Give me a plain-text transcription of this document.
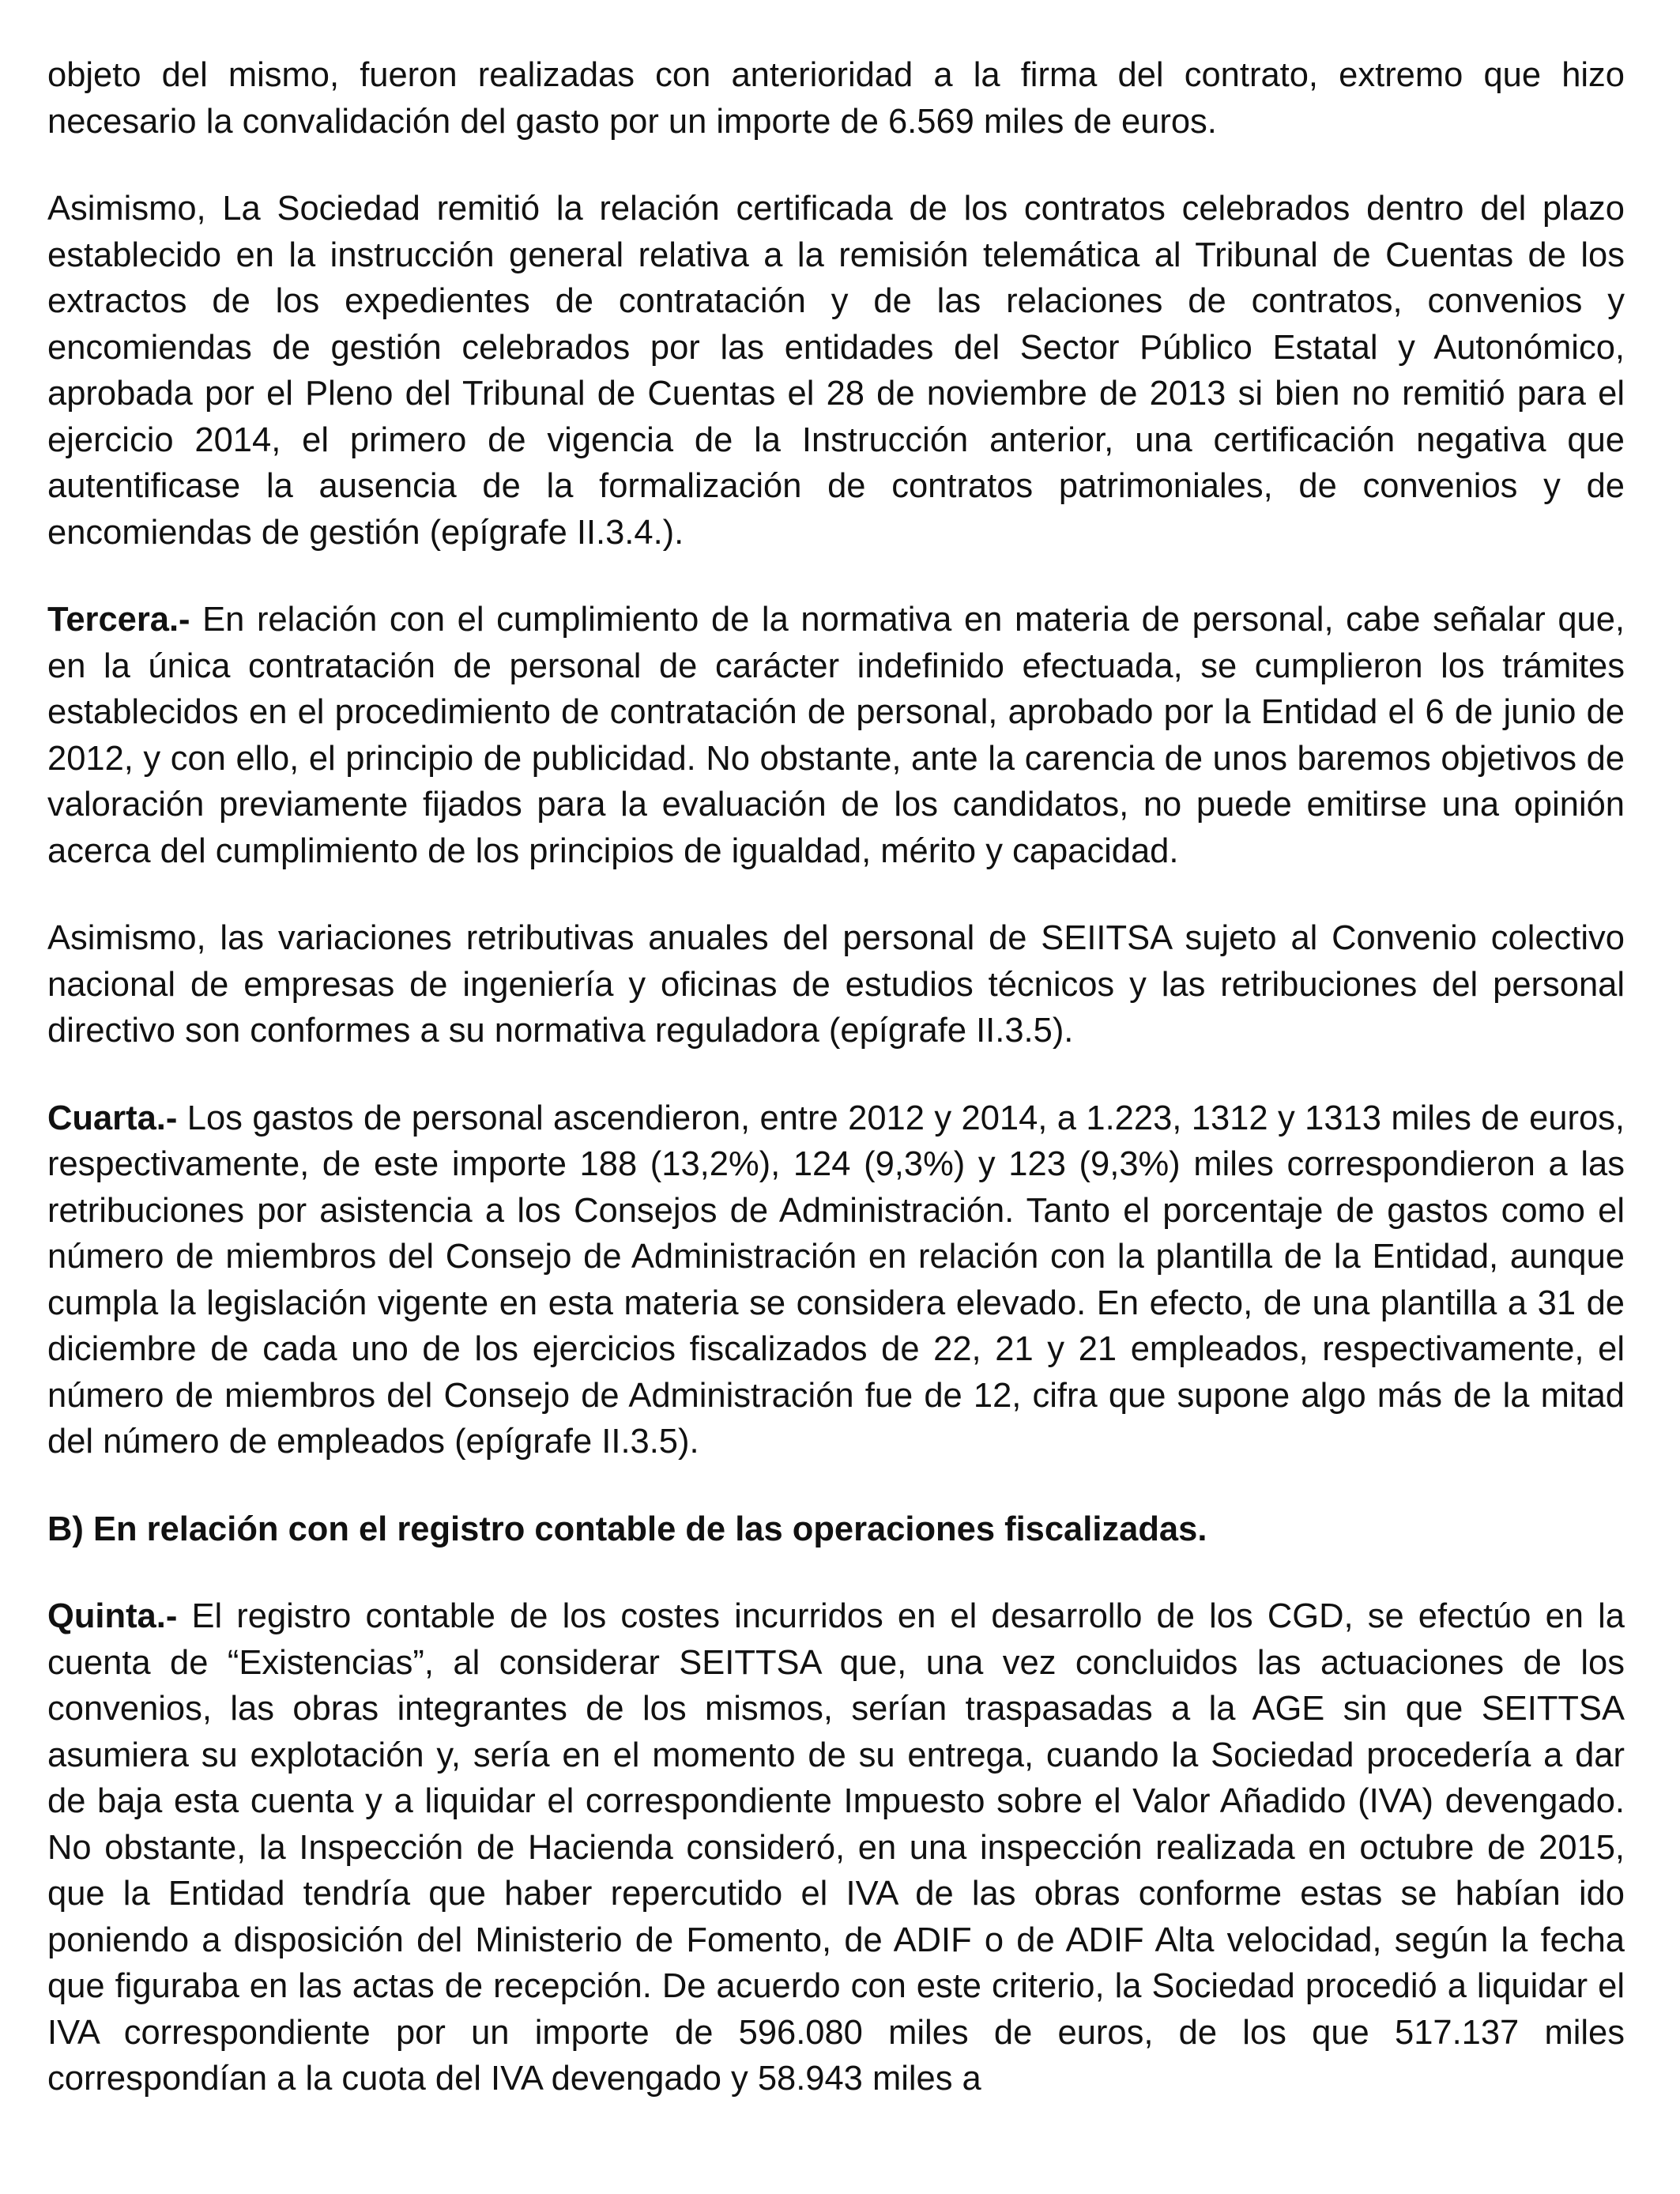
objeto del mismo, fueron realizadas con anterioridad a la firma del contrato, extremo que hizo necesario la convalidación del gasto por un importe de 6.569 miles de euros.

Asimismo, La Sociedad remitió la relación certificada de los contratos celebrados dentro del plazo establecido en la instrucción general relativa a la remisión telemática al Tribunal de Cuentas de los extractos de los expedientes de contratación y de las relaciones de contratos, convenios y encomiendas de gestión celebrados por las entidades del Sector Público Estatal y Autonómico, aprobada por el Pleno del Tribunal de Cuentas el 28 de noviembre de 2013 si bien no remitió para el ejercicio 2014, el primero de vigencia de la Instrucción anterior, una certificación negativa que autentificase la ausencia de la formalización de contratos patrimoniales, de convenios y de encomiendas de gestión (epígrafe II.3.4.).

Tercera.- En relación con el cumplimiento de la normativa en materia de personal, cabe señalar que, en la única contratación de personal de carácter indefinido efectuada, se cumplieron los trámites establecidos en el procedimiento de contratación de personal, aprobado por la Entidad el 6 de junio de 2012, y con ello, el principio de publicidad. No obstante, ante la carencia de unos baremos objetivos de valoración previamente fijados para la evaluación de los candidatos, no puede emitirse una opinión acerca del cumplimiento de los principios de igualdad, mérito y capacidad.

Asimismo, las variaciones retributivas anuales del personal de SEIITSA sujeto al Convenio colectivo nacional de empresas de ingeniería y oficinas de estudios técnicos y las retribuciones del personal directivo son conformes a su normativa reguladora (epígrafe II.3.5).

Cuarta.- Los gastos de personal ascendieron, entre 2012 y 2014, a 1.223, 1312 y 1313 miles de euros, respectivamente, de este importe 188 (13,2%), 124 (9,3%) y 123 (9,3%) miles correspondieron a las retribuciones por asistencia a los Consejos de Administración. Tanto el porcentaje de gastos como el número de miembros del Consejo de Administración en relación con la plantilla de la Entidad, aunque cumpla la legislación vigente en esta materia se considera elevado. En efecto, de una plantilla a 31 de diciembre de cada uno de los ejercicios fiscalizados de 22, 21 y 21 empleados, respectivamente, el número de miembros del Consejo de Administración fue de 12, cifra que supone algo más de la mitad del número de empleados (epígrafe II.3.5).

B) En relación con el registro contable de las operaciones fiscalizadas.

Quinta.- El registro contable de los costes incurridos en el desarrollo de los CGD, se efectúo en la cuenta de “Existencias”, al considerar SEITTSA que, una vez concluidos las actuaciones de los convenios, las obras integrantes de los mismos, serían traspasadas a la AGE sin que SEITTSA asumiera su explotación y, sería en el momento de su entrega, cuando la Sociedad procedería a dar de baja esta cuenta y a liquidar el correspondiente Impuesto sobre el Valor Añadido (IVA) devengado. No obstante, la Inspección de Hacienda consideró, en una inspección realizada en octubre de 2015, que la Entidad tendría que haber repercutido el IVA de las obras conforme estas se habían ido poniendo a disposición del Ministerio de Fomento, de ADIF o de ADIF Alta velocidad, según la fecha que figuraba en las actas de recepción. De acuerdo con este criterio, la Sociedad procedió a liquidar el IVA correspondiente por un importe de 596.080 miles de euros, de los que 517.137 miles correspondían a la cuota del IVA devengado y 58.943 miles a
